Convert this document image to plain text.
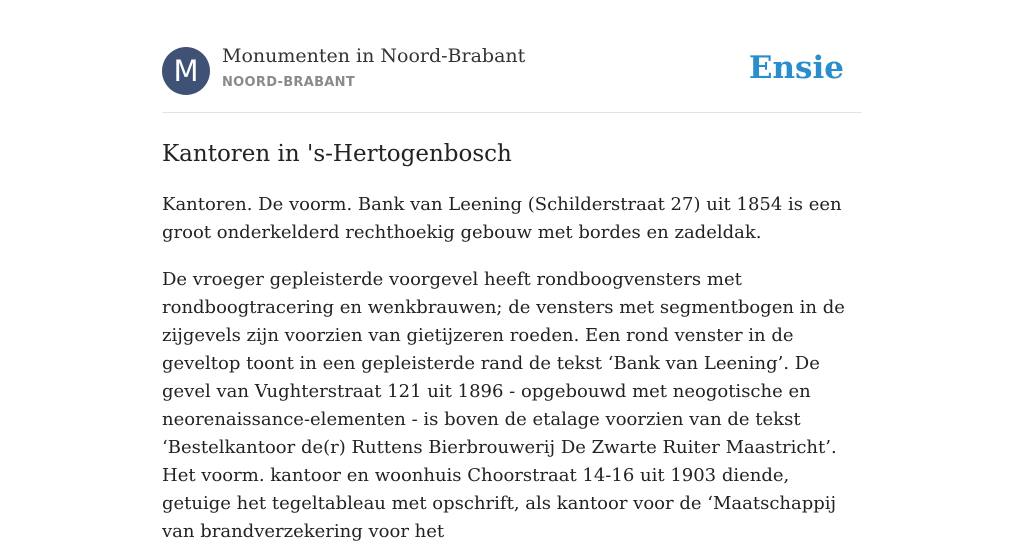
M	Monumenten in Noord-Brabant
NOORD-BRABANT	Ensie
Kantoren in 's-Hertogenbosch

Kantoren. De voorm. Bank van Leening (Schilderstraat 27) uit 1854 is een groot onderkelderd rechthoekig gebouw met bordes en zadeldak.

De vroeger gepleisterde voorgevel heeft rondboogvensters met rondboogtracering en wenkbrauwen; de vensters met segmentbogen in de zijgevels zijn voorzien van gietijzeren roeden. Een rond venster in de geveltop toont in een gepleisterde rand de tekst ‘Bank van Leening’. De gevel van Vughterstraat 121 uit 1896 - opgebouwd met neogotische en neorenaissance-elementen - is boven de etalage voorzien van de tekst ‘Bestelkantoor de(r) Ruttens Bierbrouwerij De Zwarte Ruiter Maastricht’. Het voorm. kantoor en woonhuis Choorstraat 14-16 uit 1903 diende, getuige het tegeltableau met opschrift, als kantoor voor de ‘Maatschappij van brandverzekering voor het
